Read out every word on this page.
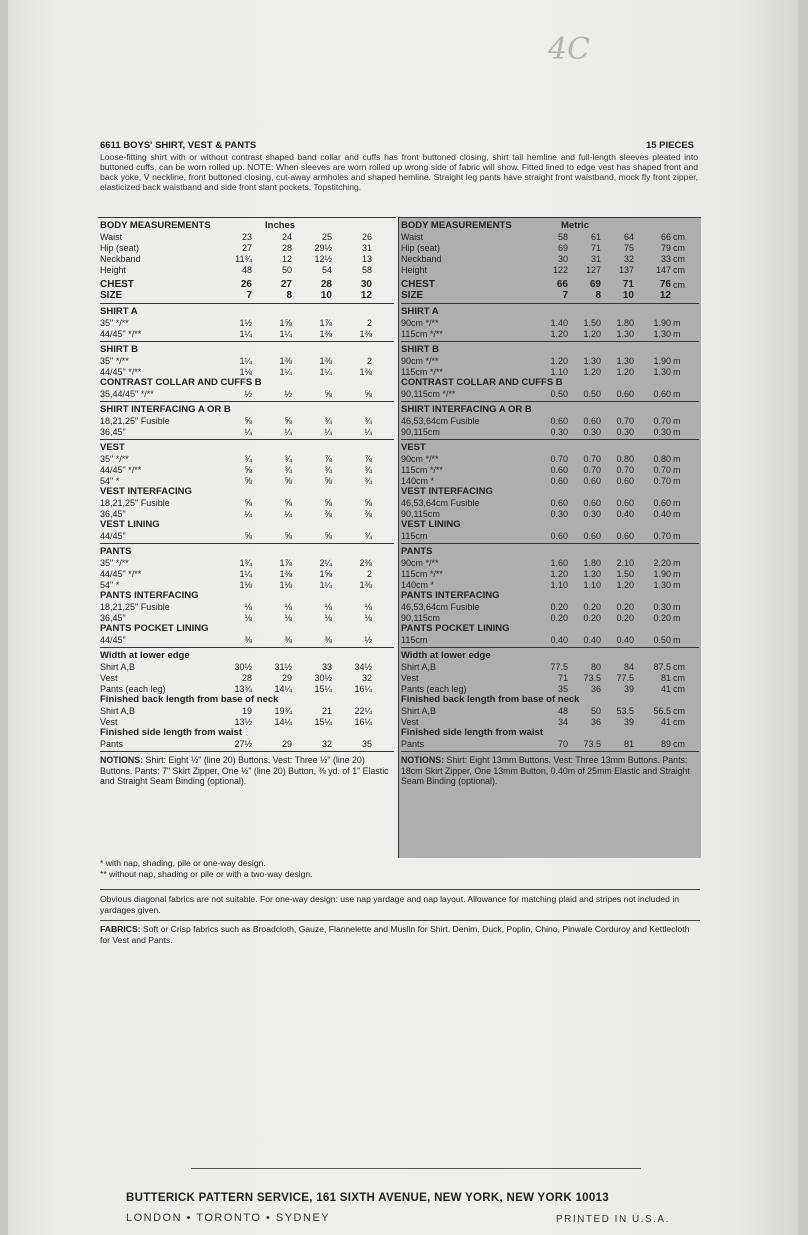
4C
6611 BOYS' SHIRT, VEST & PANTS	15 PIECES
Loose-fitting shirt with or without contrast shaped band collar and cuffs has front buttoned closing, shirt tail hemline and full-length sleeves pleated into buttoned cuffs, can be worn rolled up. NOTE: When sleeves are worn rolled up wrong side of fabric will show. Fitted lined to edge vest has shaped front and back yoke, V neckline, front buttoned closing, cut-away armholes and shaped hemline. Straight leg pants have straight front waistband, mock fly front zipper, elasticized back waistband and side front slant pockets. Topstitching.
BODY MEASUREMENTS	Inches
Waist	23	24	25	26
Hip (seat)	27	28	29½	31
Neckband	11¾	12	12½	13
Height	48	50	54	58
CHEST	26	27	28	30
SIZE	7	8	10	12
SHIRT A
35" */**	1½	1⅝	1⅞	2
44/45" */**	1¼	1¼	1⅜	1⅜
SHIRT B
35" */**	1¼	1⅜	1⅜	2
44/45" */**	1⅛	1¼	1¼	1⅜
CONTRAST COLLAR AND CUFFS B
35,44/45" */**	½	½	⅝	⅝
SHIRT INTERFACING A OR B
18,21,25" Fusible	⅝	⅝	¾	¾
36,45"	¼	¼	¼	¼
VEST
35" */**	¾	¾	⅞	⅞
44/45" */**	⅝	¾	¾	¾
54" *	⅝	⅝	⅝	¾
VEST INTERFACING
18,21,25" Fusible	⅝	⅝	⅝	⅝
36,45"	¼	¼	⅜	⅜
VEST LINING
44/45"	⅝	⅝	⅝	¾
PANTS
35" */**	1¾	1⅞	2¼	2⅜
44/45" */**	1¼	1⅜	1⅝	2
54" *	1⅛	1⅛	1¼	1⅜
PANTS INTERFACING
18,21,25" Fusible	⅛	⅛	⅛	⅛
36,45"	⅛	⅛	⅛	⅛
PANTS POCKET LINING
44/45"	⅜	⅜	⅜	½
Width at lower edge
Shirt A,B	30½	31½	33	34½
Vest	28	29	30½	32
Pants (each leg)	13¾	14¼	15¼	16¼
Finished back length from base of neck
Shirt A,B	19	19¾	21	22¼
Vest	13½	14¼	15¼	16¼
Finished side length from waist
Pants	27½	29	32	35
NOTIONS: Shirt: Eight ½" (line 20) Buttons. Vest: Three ½" (line 20) Buttons. Pants: 7" Skirt Zipper, One ½" (line 20) Button, ⅜ yd. of 1" Elastic and Straight Seam Binding (optional).
BODY MEASUREMENTS	Metric
Waist	58	61	64	66 cm
Hip (seat)	69	71	75	79 cm
Neckband	30	31	32	33 cm
Height	122	127	137	147 cm
CHEST	66	69	71	76 cm
SIZE	7	8	10	12
SHIRT A
90cm */**	1.40	1.50	1.80	1.90 m
115cm */**	1.20	1.20	1.30	1.30 m
SHIRT B
90cm */**	1.20	1.30	1.30	1.90 m
115cm */**	1.10	1.20	1.20	1.30 m
CONTRAST COLLAR AND CUFFS B
90,115cm */**	0.50	0.50	0.60	0.60 m
SHIRT INTERFACING A OR B
46,53,64cm Fusible	0.60	0.60	0.70	0.70 m
90,115cm	0.30	0.30	0.30	0.30 m
VEST
90cm */**	0.70	0.70	0.80	0.80 m
115cm */**	0.60	0.70	0.70	0.70 m
140cm *	0.60	0.60	0.60	0.70 m
VEST INTERFACING
46,53,64cm Fusible	0.60	0.60	0.60	0.60 m
90,115cm	0.30	0.30	0.40	0.40 m
VEST LINING
115cm	0.60	0.60	0.60	0.70 m
PANTS
90cm */**	1.60	1.80	2.10	2.20 m
115cm */**	1.20	1.30	1.50	1.90 m
140cm *	1.10	1.10	1.20	1.30 m
PANTS INTERFACING
46,53,64cm Fusible	0.20	0.20	0.20	0.30 m
90,115cm	0.20	0.20	0.20	0.20 m
PANTS POCKET LINING
115cm	0.40	0.40	0.40	0.50 m
Width at lower edge
Shirt A,B	77.5	80	84	87.5 cm
Vest	71	73.5	77.5	81 cm
Pants (each leg)	35	36	39	41 cm
Finished back length from base of neck
Shirt A,B	48	50	53.5	56.5 cm
Vest	34	36	39	41 cm
Finished side length from waist
Pants	70	73.5	81	89 cm
NOTIONS: Shirt: Eight 13mm Buttons. Vest: Three 13mm Buttons. Pants: 18cm Skirt Zipper, One 13mm Button, 0.40m of 25mm Elastic and Straight Seam Binding (optional).
* with nap, shading, pile or one-way design.
** without nap, shading or pile or with a two-way design.
Obvious diagonal fabrics are not suitable. For one-way design: use nap yardage and nap layout. Allowance for matching plaid and stripes not included in yardages given.
FABRICS: Soft or Crisp fabrics such as Broadcloth, Gauze, Flannelette and Muslin for Shirt. Denim, Duck, Poplin, Chino, Pinwale Corduroy and Kettlecloth for Vest and Pants.
BUTTERICK PATTERN SERVICE, 161 SIXTH AVENUE, NEW YORK, NEW YORK 10013
LONDON • TORONTO • SYDNEY	PRINTED IN U.S.A.
